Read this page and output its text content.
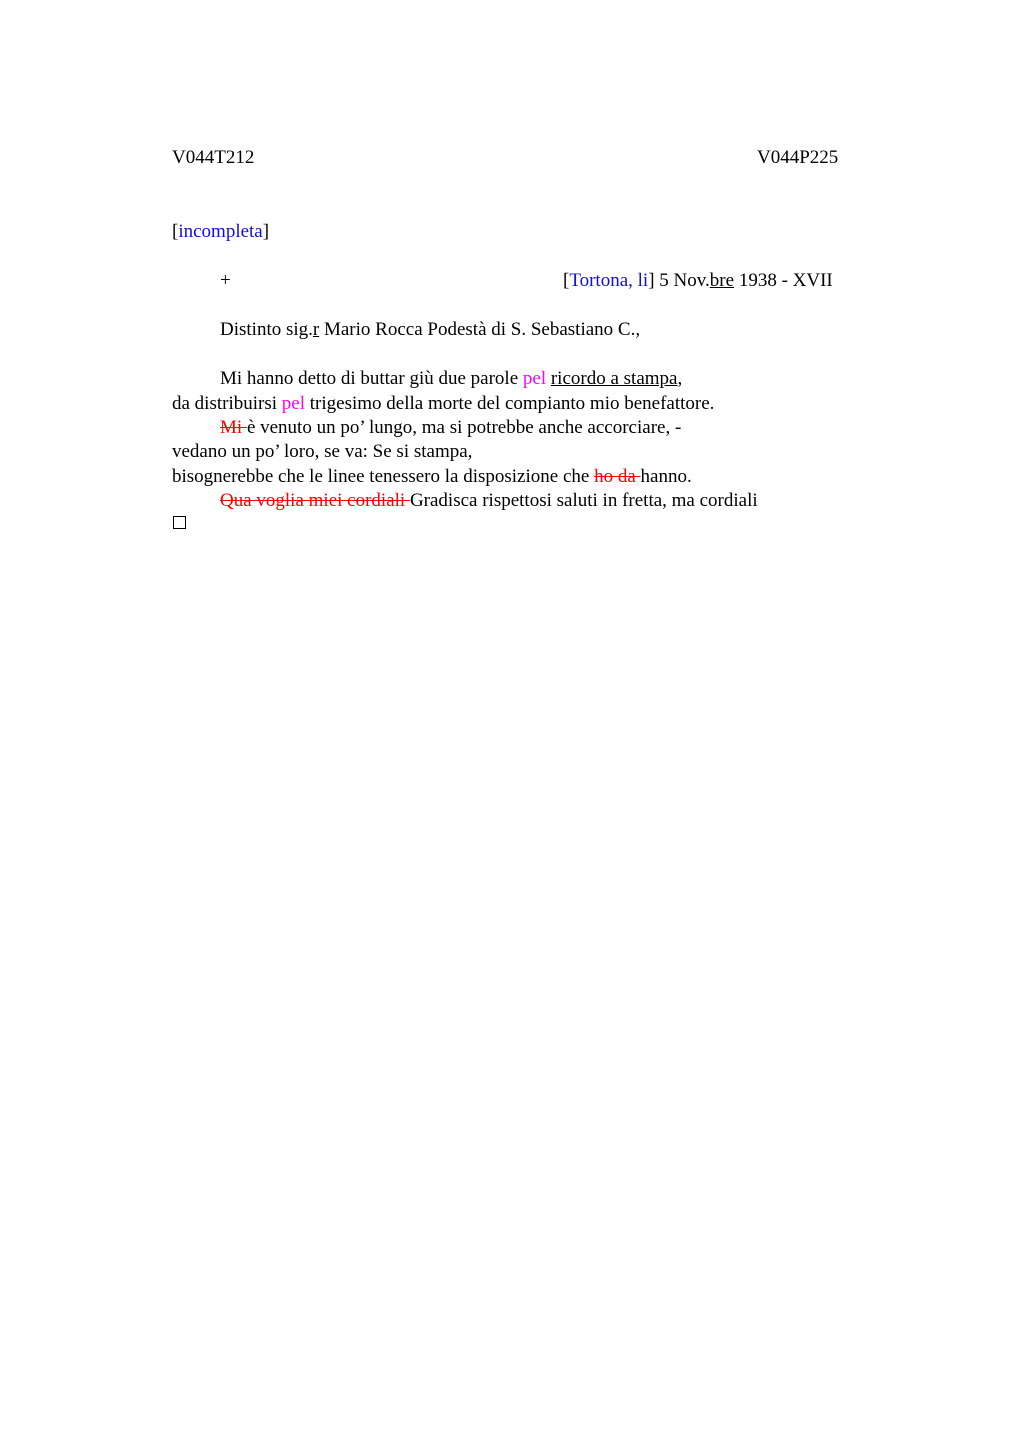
V044T212	V044P225
[incompleta]
+	[Tortona, li] 5 Nov.bre 1938 - XVII
Distinto sig.r Mario Rocca Podestà di S. Sebastiano C.,
Mi hanno detto di buttar giù due parole pel ricordo a stampa,
da distribuirsi pel trigesimo della morte del compianto mio benefattore.
Mi è venuto un po’ lungo, ma si potrebbe anche accorciare, -
vedano un po’ loro, se va: Se si stampa,
bisognerebbe che le linee tenessero la disposizione che ho da hanno.
Qua voglia miei cordiali Gradisca rispettosi saluti in fretta, ma cordiali
